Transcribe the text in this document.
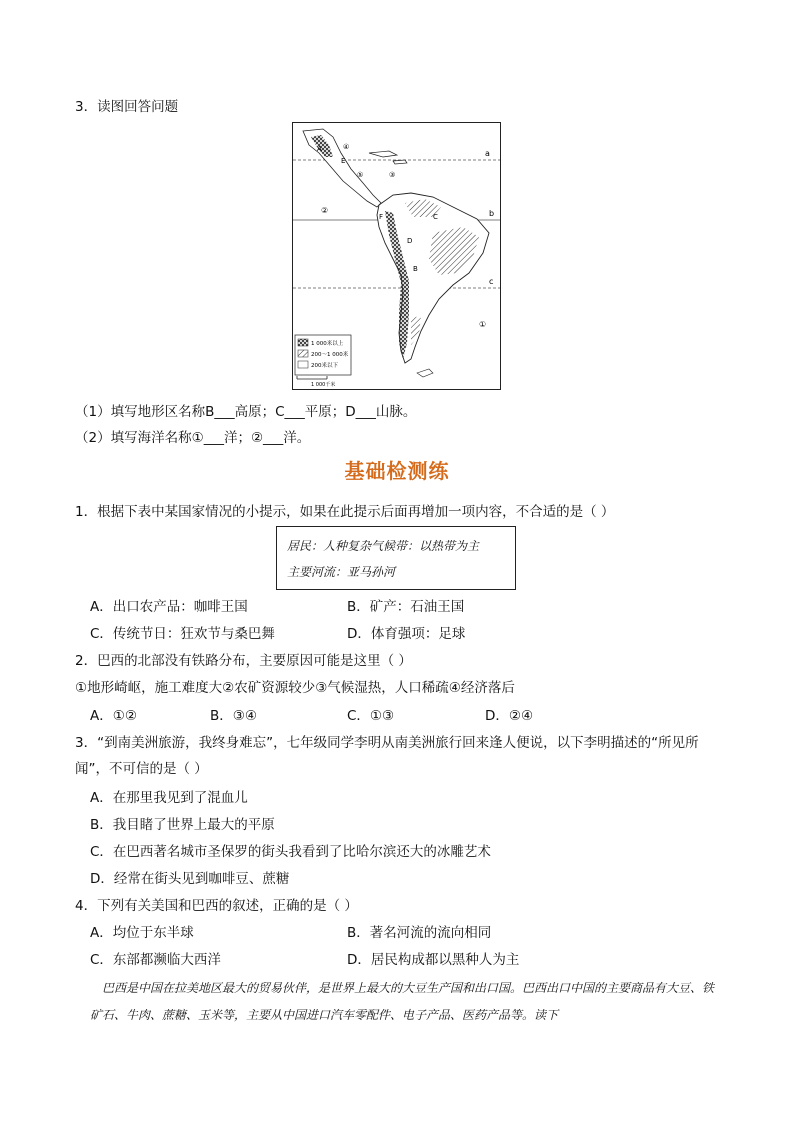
3．读图回答问题
a
b
c
A
B
C
D
E
F
①
②
③
④
⑤
1 000米以上
200～1 000米
200米以下
1 000千米
（1）填写地形区名称B___高原；C___平原；D___山脉。
（2）填写海洋名称①___洋；②___洋。
基础检测练
1．根据下表中某国家情况的小提示，如果在此提示后面再增加一项内容，不合适的是（ ）
居民：人种复杂气候带：以热带为主
主要河流：亚马孙河
A．出口农产品：咖啡王国	B．矿产：石油王国
C．传统节日：狂欢节与桑巴舞	D．体育强项：足球
2．巴西的北部没有铁路分布，主要原因可能是这里（ ）
①地形崎岖，施工难度大②农矿资源较少③气候湿热，人口稀疏④经济落后
A．①②	B．③④	C．①③	D．②④
3．“到南美洲旅游，我终身难忘”，七年级同学李明从南美洲旅行回来逢人便说，以下李明描述的“所见所
闻”，不可信的是（ ）
A．在那里我见到了混血儿
B．我目睹了世界上最大的平原
C．在巴西著名城市圣保罗的街头我看到了比哈尔滨还大的冰雕艺术
D．经常在街头见到咖啡豆、蔗糖
4．下列有关美国和巴西的叙述，正确的是（ ）
A．均位于东半球	B．著名河流的流向相同
C．东部都濒临大西洋	D．居民构成都以黑种人为主
巴西是中国在拉美地区最大的贸易伙伴，是世界上最大的大豆生产国和出口国。巴西出口中国的主要商品有大豆、铁矿石、牛肉、蔗糖、玉米等，主要从中国进口汽车零配件、电子产品、医药产品等。读下
